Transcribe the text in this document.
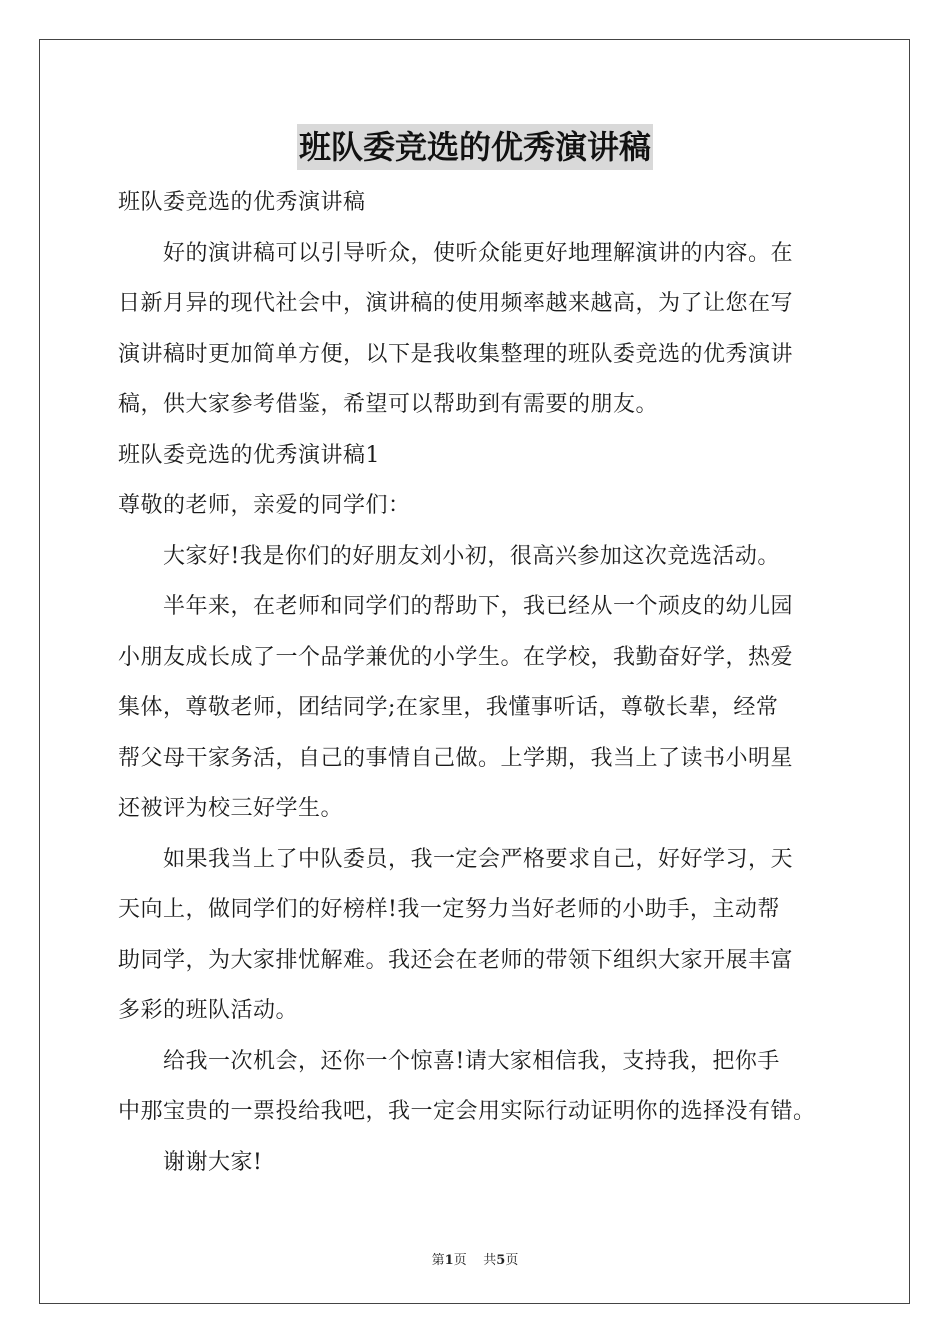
班队委竞选的优秀演讲稿
班队委竞选的优秀演讲稿
好的演讲稿可以引导听众，使听众能更好地理解演讲的内容。在
日新月异的现代社会中，演讲稿的使用频率越来越高，为了让您在写
演讲稿时更加简单方便，以下是我收集整理的班队委竞选的优秀演讲
稿，供大家参考借鉴，希望可以帮助到有需要的朋友。
班队委竞选的优秀演讲稿1
尊敬的老师，亲爱的同学们：
大家好!我是你们的好朋友刘小初，很高兴参加这次竞选活动。
半年来，在老师和同学们的帮助下，我已经从一个顽皮的幼儿园
小朋友成长成了一个品学兼优的小学生。在学校，我勤奋好学，热爱
集体，尊敬老师，团结同学;在家里，我懂事听话，尊敬长辈，经常
帮父母干家务活，自己的事情自己做。上学期，我当上了读书小明星
还被评为校三好学生。
如果我当上了中队委员，我一定会严格要求自己，好好学习，天
天向上，做同学们的好榜样!我一定努力当好老师的小助手，主动帮
助同学，为大家排忧解难。我还会在老师的带领下组织大家开展丰富
多彩的班队活动。
给我一次机会，还你一个惊喜!请大家相信我，支持我，把你手
中那宝贵的一票投给我吧，我一定会用实际行动证明你的选择没有错。
谢谢大家!
第1页 共5页
